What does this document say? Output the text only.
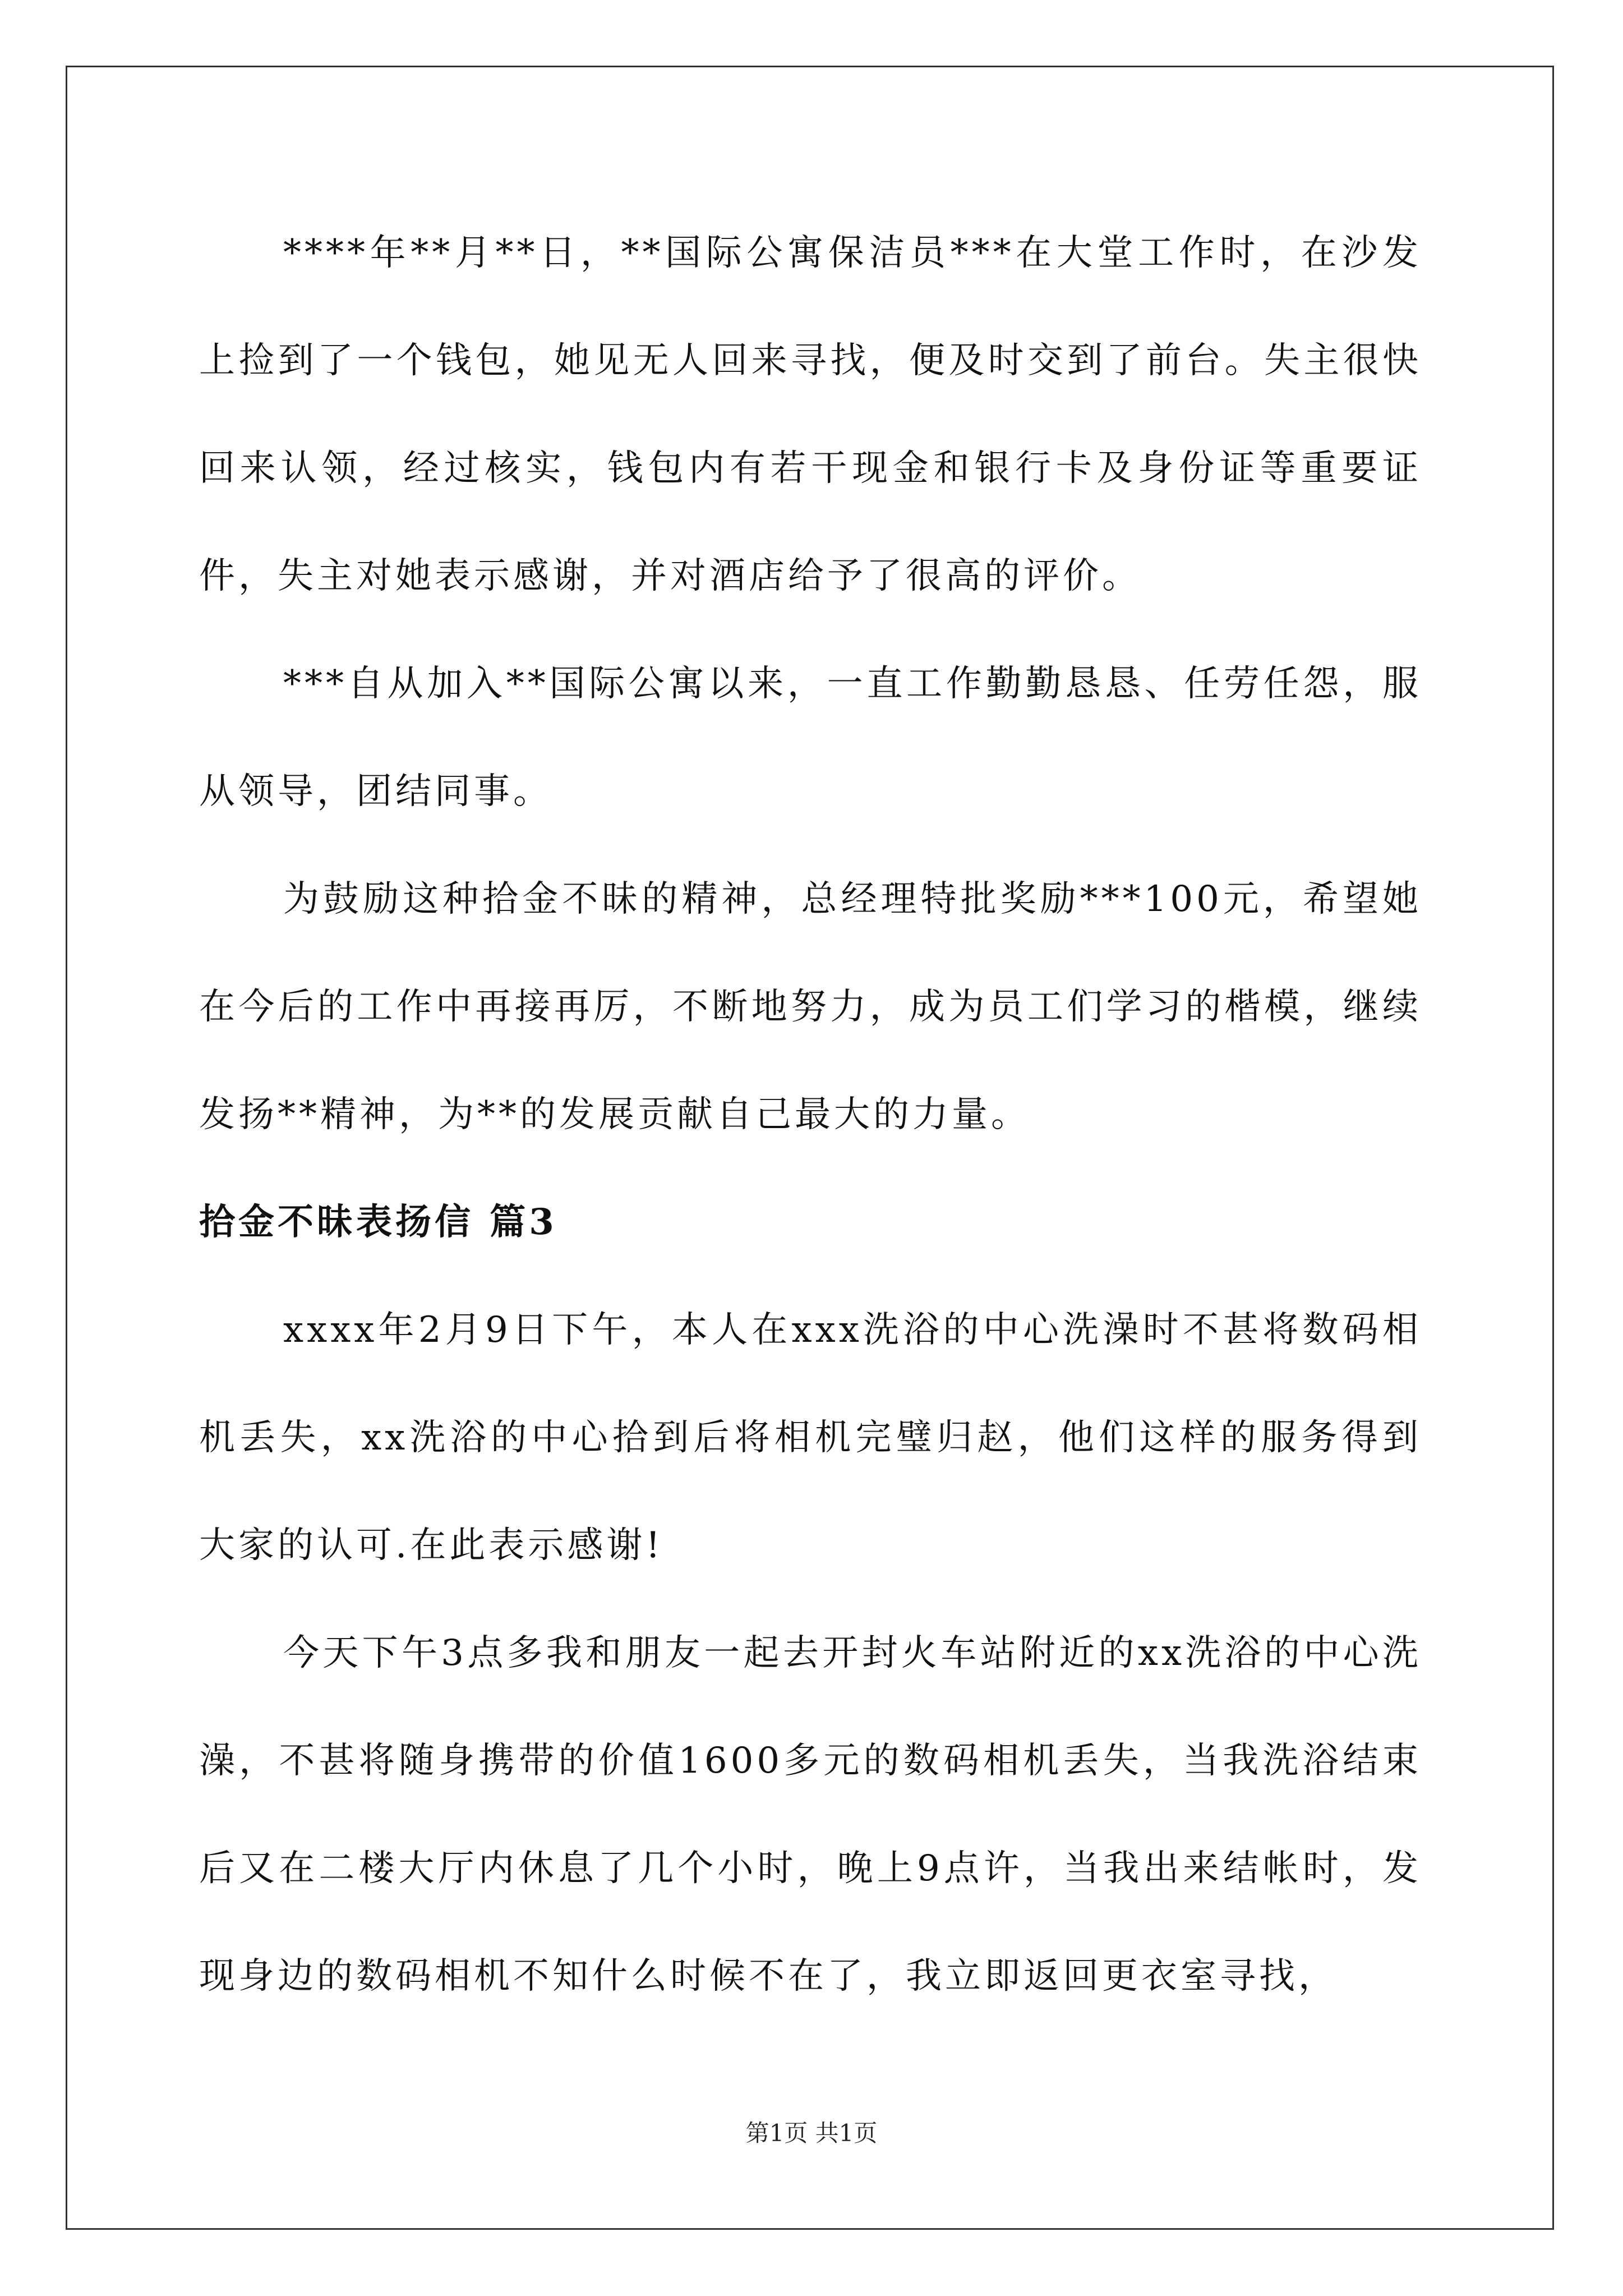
****年**月**日，**国际公寓保洁员***在大堂工作时，在沙发上捡到了一个钱包，她见无人回来寻找，便及时交到了前台。失主很快回来认领，经过核实，钱包内有若干现金和银行卡及身份证等重要证件，失主对她表示感谢，并对酒店给予了很高的评价。

***自从加入**国际公寓以来，一直工作勤勤恳恳、任劳任怨，服从领导，团结同事。

为鼓励这种拾金不昧的精神，总经理特批奖励***100元，希望她在今后的工作中再接再厉，不断地努力，成为员工们学习的楷模，继续发扬**精神，为**的发展贡献自己最大的力量。

拾金不昧表扬信 篇3

xxxx年2月9日下午，本人在xxx洗浴的中心洗澡时不甚将数码相机丢失，xx洗浴的中心拾到后将相机完璧归赵，他们这样的服务得到大家的认可.在此表示感谢!

今天下午3点多我和朋友一起去开封火车站附近的xx洗浴的中心洗澡，不甚将随身携带的价值1600多元的数码相机丢失，当我洗浴结束后又在二楼大厅内休息了几个小时，晚上9点许，当我出来结帐时，发现身边的数码相机不知什么时候不在了，我立即返回更衣室寻找，

第1页 共1页
